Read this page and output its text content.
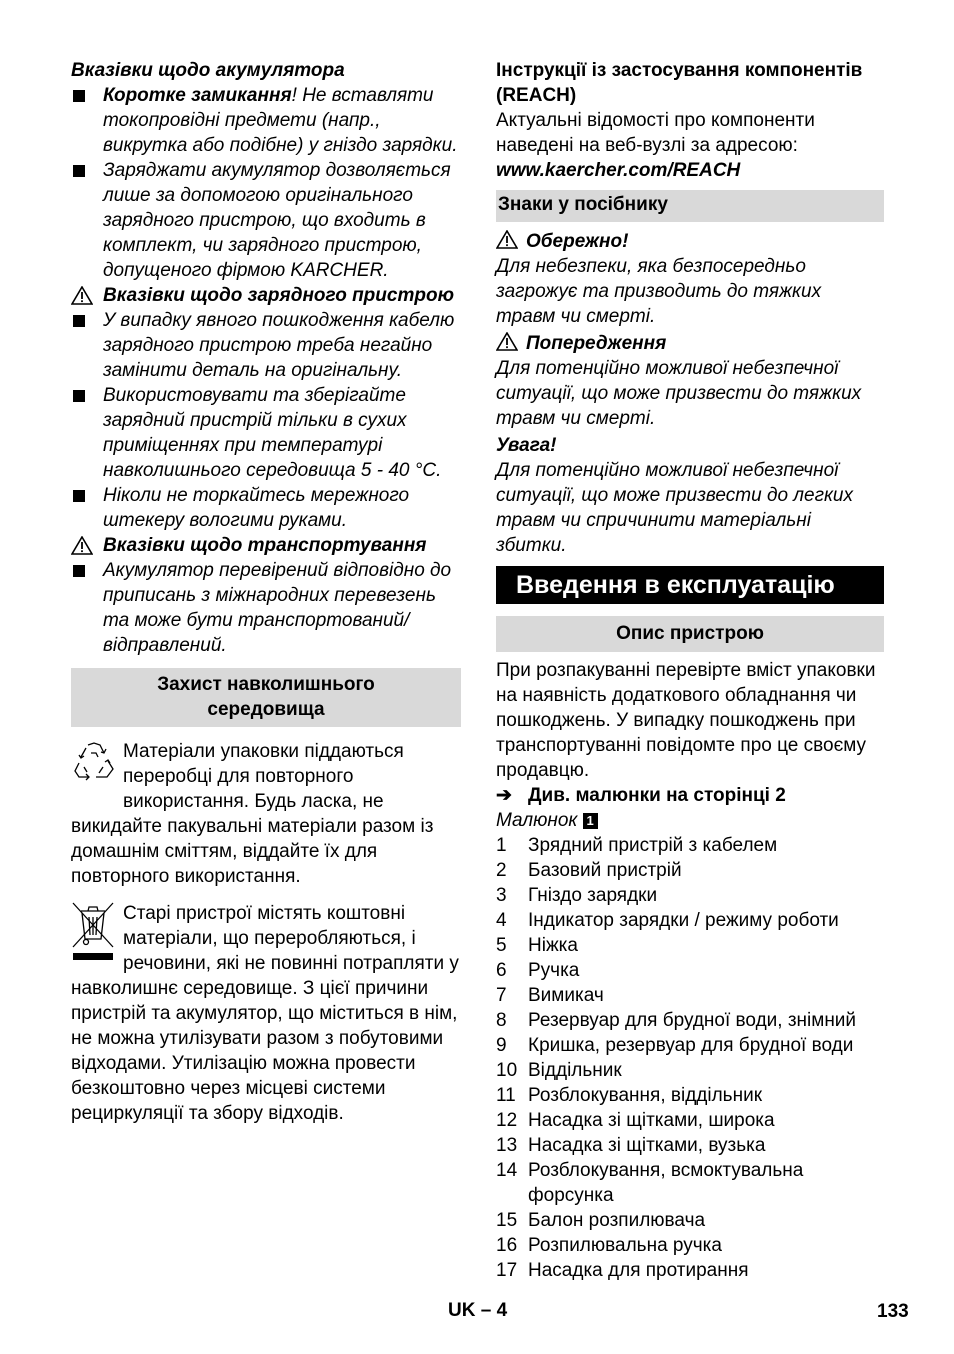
Вказівки щодо акумулятора
Коротке замикання! Не вставляти токопровідні предмети (напр., викрутка або подібне) у гніздо зарядки.
Заряджати акумулятор дозволяється лише за допомогою оригінального зарядного пристрою, що входить в комплект, чи зарядного пристрою, допущеного фірмою KARCHER.
Вказівки щодо зарядного пристрою
У випадку явного пошкодження кабелю зарядного пристрою треба негайно замінити деталь на оригінальну.
Використовувати та зберігайте зарядний пристрій тільки в сухих приміщеннях при температурі навколишнього середовища 5 - 40 °C.
Ніколи не торкайтесь мережного штекеру вологими руками.
Вказівки щодо транспортування
Акумулятор перевірений відповідно до приписань з міжнародних перевезень та може бути транспортований/відправлений.
Захист навколишнього середовища
Матеріали упаковки піддаються переробці для повторного використання. Будь ласка, не викидайте пакувальні матеріали разом із домашнім сміттям, віддайте їх для повторного використання.
Старі пристрої містять коштовні матеріали, що переробляються, і речовини, які не повинні потрапляти у навколишнє середовище. З цієї причини пристрій та акумулятор, що міститься в нім, не можна утилізувати разом з побутовими відходами. Утилізацію можна провести безкоштовно через місцеві системи рециркуляції та збору відходів.
Інструкції із застосування компонентів (REACH)
Актуальні відомості про компоненти наведені на веб-вузлі за адресою:
www.kaercher.com/REACH
Знаки у посібнику
Обережно!
Для небезпеки, яка безпосередньо загрожує та призводить до тяжких травм чи смерті.
Попередження
Для потенційно можливої небезпечної ситуації, що може призвести до тяжких травм чи смерті.
Увага!
Для потенційно можливої небезпечної ситуації, що може призвести до легких травм чи спричинити матеріальні збитки.
Введення в експлуатацію
Опис пристрою
При розпакуванні перевірте вміст упаковки на наявність додаткового обладнання чи пошкоджень. У випадку пошкоджень при транспортуванні повідомте про це своєму продавцю.
➔ Див. малюнки на сторінці 2
Малюнок 1
1	Зрядний пристрій з кабелем
2	Базовий пристрій
3	Гніздо зарядки
4	Індикатор зарядки / режиму роботи
5	Ніжка
6	Ручка
7	Вимикач
8	Резервуар для брудної води, знімний
9	Кришка, резервуар для брудної води
10 Віддільник
11 Розблокування, віддільник
12 Насадка зі щітками, широка
13 Насадка зі щітками, вузька
14 Розблокування, всмоктувальна форсунка
15 Балон розпилювача
16 Розпилювальна ручка
17 Насадка для протирання
UK – 4	133
